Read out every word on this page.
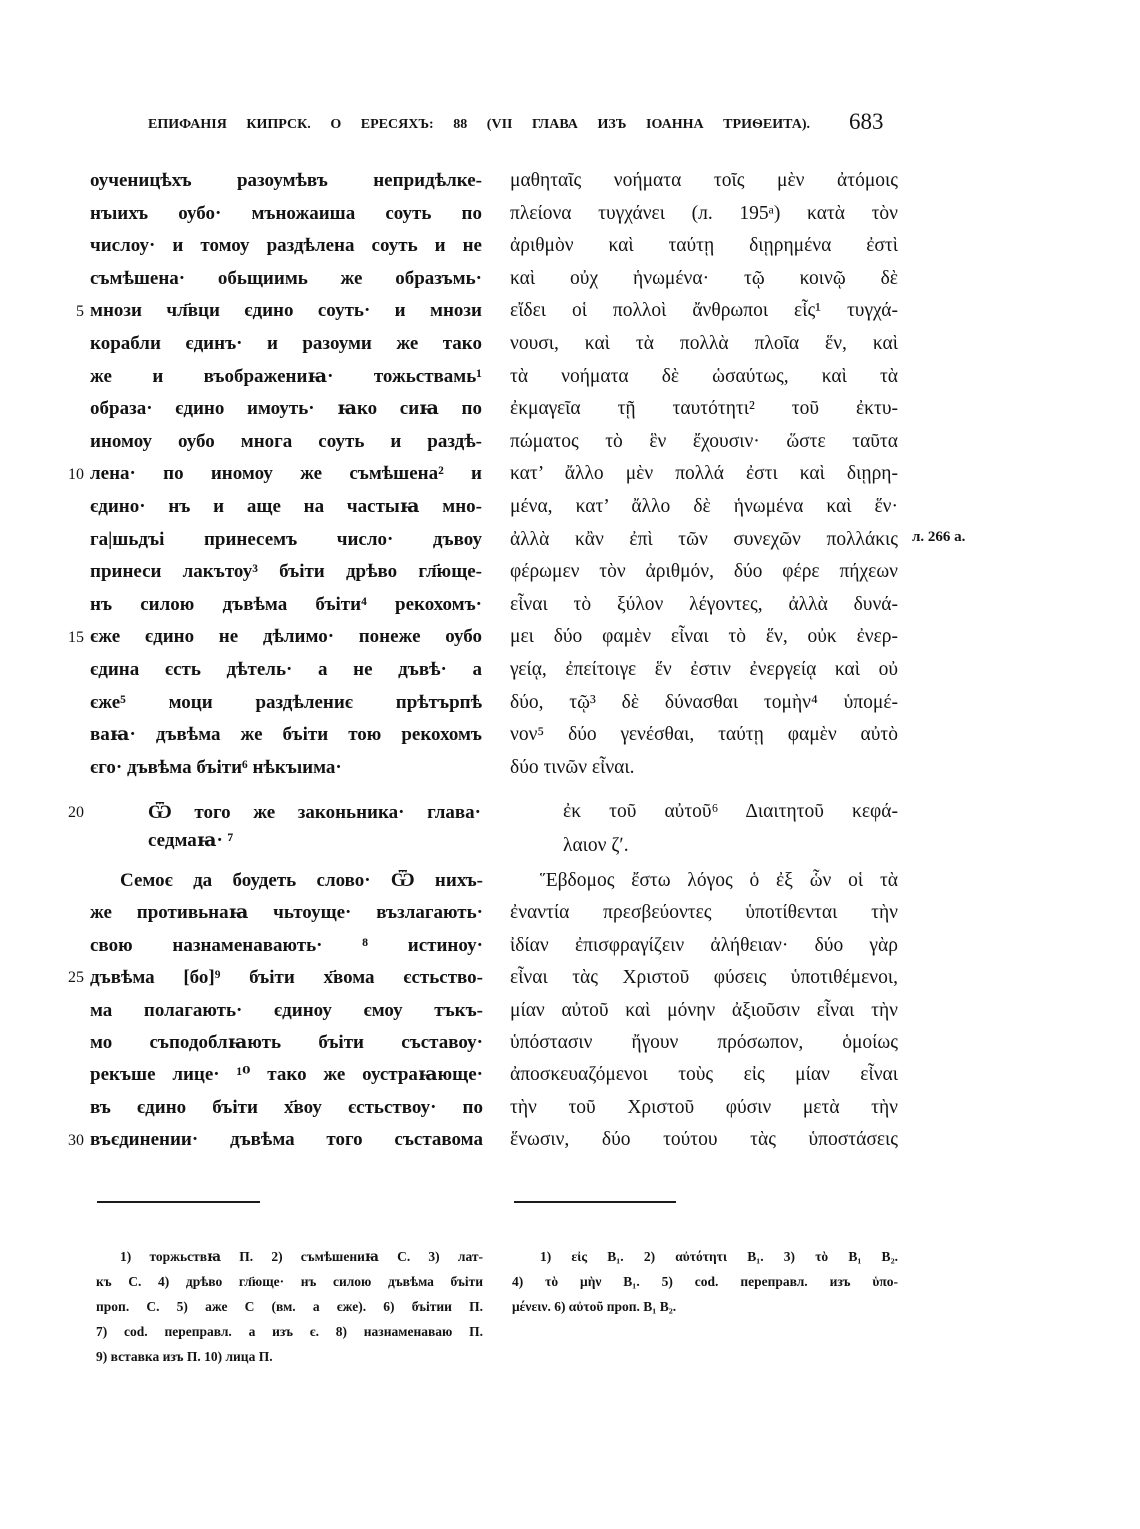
ЕПИФАНІЯ КИПРСК. О ЕРЕСЯХЪ: 88 (VII ГЛАВА ИЗЪ ІОАННА ТРИѲЕИТА). 683
5
10
15
20
25
30
оученицѣхъ разоумѣвъ непридѣлке-
нъıихъ оубо· мъножаиша соуть по
числоу· и томоу раздѣлена соуть и не
съмѣшена· обьщиимь же образъмь·
мнози чл҃вци єдино соуть· и мнози
корабли єдинъ· и разоуми же тако
же и въображениꙗ· тожьствамь¹
образа· єдино имоуть· ꙗко сиꙗ по
иномоу оубо многа соуть и раздѣ-
лена· по иномоу же съмѣшена² и
єдино· нъ и аще на частыꙗ мно-
га|шьдъі принесемъ число· дъвоу
принеси лакътоу³ бъіти дрѣво гл҃юще-
нъ силою дъвѣма бъіти⁴ рекохомъ·
єже єдино не дѣлимо· понеже оубо
єдина єсть дѣтель· а не дъвѣ· а
єже⁵ моци раздѣлениє прѣтърпѣ
ваꙗ· дъвѣма же бъіти тою рекохомъ
єго· дъвѣма бъіти⁶ нѣкъıима·
Ѿ того же законьника· глава·
седмаꙗ· ⁷
Семоє да боудеть слово· Ѿ нихъ-
же противьнаꙗ чьтоуще· възлагають·
свою назнаменавають· ⁸ истиноу·
дъвѣма [бо]⁹ бъіти х҃вома єстьство-
ма полагають· єдиноу ємоу тъкъ-
мо съподоблꙗють бъіти съставоу·
рекъше лице· ¹⁰ тако же оустраꙗюще·
въ єдино бъіти х҃воу єстьствоу· по
въєдинении· дъвѣма того съставома
μαθηταῖς νοήματα τοῖς μὲν ἀτόμοις
πλείονα τυγχάνει (л. 195ᵃ) κατὰ τὸν
ἀριθμὸν καὶ ταύτῃ διῃρημένα ἐστὶ
καὶ οὐχ ἡνωμένα· τῷ κοινῷ δὲ
εἴδει οἱ πολλοὶ ἄνθρωποι εἷς¹ τυγχά-
νουσι, καὶ τὰ πολλὰ πλοῖα ἕν, καὶ
τὰ νοήματα δὲ ὡσαύτως, καὶ τὰ
ἐκμαγεῖα τῇ ταυτότητι² τοῦ ἐκτυ-
πώματος τὸ ἓν ἔχουσιν· ὥστε ταῦτα
κατ’ ἄλλο μὲν πολλά ἐστι καὶ διῃρη-
μένα, κατ’ ἄλλο δὲ ἡνωμένα καὶ ἕν·
ἀλλὰ κἂν ἐπὶ τῶν συνεχῶν πολλάκις
φέρωμεν τὸν ἀριθμόν, δύο φέρε πήχεων
εἶναι τὸ ξύλον λέγοντες, ἀλλὰ δυνά-
μει δύο φαμὲν εἶναι τὸ ἕν, οὐκ ἐνερ-
γείᾳ, ἐπείτοιγε ἕν ἐστιν ἐνεργείᾳ καὶ οὐ
δύο, τῷ³ δὲ δύνασθαι τομὴν⁴ ὑπομέ-
νον⁵ δύο γενέσθαι, ταύτῃ φαμὲν αὐτὸ
δύο τινῶν εἶναι.
ἐκ τοῦ αὐτοῦ⁶ Διαιτητοῦ κεφά-
λαιον ζʹ.
Ἕβδομος ἔστω λόγος ὁ ἐξ ὧν οἱ τὰ
ἐναντία πρεσβεύοντες ὑποτίθενται τὴν
ἰδίαν ἐπισφραγίζειν ἀλήθειαν· δύο γὰρ
εἶναι τὰς Χριστοῦ φύσεις ὑποτιθέμενοι,
μίαν αὐτοῦ καὶ μόνην ἀξιοῦσιν εἶναι τὴν
ὑπόστασιν ἤγουν πρόσωπον, ὁμοίως
ἀποσκευαζόμενοι τοὺς εἰς μίαν εἶναι
τὴν τοῦ Χριστοῦ φύσιν μετὰ τὴν
ἕνωσιν, δύο τούτου τὰς ὑποστάσεις
л. 266 а.
1) торжьствꙗ П. 2) съмѣшениꙗ С. 3) лат-
къ С. 4) дрѣво гл҃юще· нъ силою дъвѣма бъіти
проп. С. 5) аже С (вм. а єже). 6) бъітии П.
7) cod. переправл. а изъ є. 8) назнаменаваю П.
9) вставка изъ П. 10) лица П.
1) εἰς B₁. 2) αὐτότητι B₁. 3) τὸ B₁ B₂.
4) τὸ μὴν B₁. 5) cod. переправл. изъ ὑπο-
μένειν. 6) αὐτοῦ проп. B₁ B₂.
